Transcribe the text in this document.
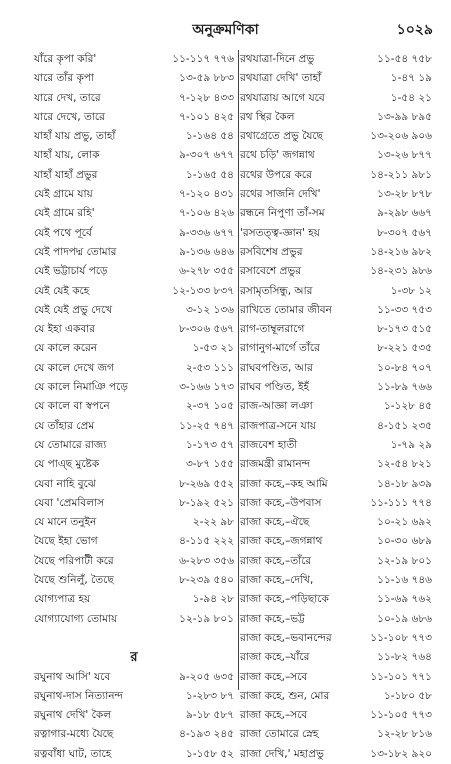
অনুক্রমণিকা	১০২৯
যাঁরে কৃপা করি'	১১-১১৭ ৭৭৬
যারে তাঁর কৃপা	১৩-৫৯ ৮৮৩
যারে দেখ, তারে	৭-১২৮ ৪৩৩
যারে দেখে, তারে	৭-১০১ ৪২৫
যাহাঁ যায় প্রভু, তাহাঁ	১-১৬৪ ৫৪
যাহাঁ যায়, লোক	৯-৩০৭ ৬৭৭
যাহাঁ যাহাঁ প্রভুর	১-১৬৫ ৫৪
যেই গ্রামে যায়	৭-১২০ ৪৩১
যেই গ্রামে রহি'	৭-১০৬ ৪২৬
যেই পথে পূর্বে	৯-৩৩৬ ৬৭৭
যেই পাদপদ্ম তোমার	৯-১৩৬ ৬৪৬
যেই ভট্টাচার্য পড়ে	৬-২৭৮ ৩৫৫
যেই যেই কহে	১২-১৩৩ ৮৩৭
যেই যেই প্রভু দেখে	৩-১২ ১৩৬
যে ইহা একবার	৮-৩০৬ ৫৬৭
যে কালে করেন	১-৫৩ ২১
যে কালে দেখে জগ	২-৫৩ ১১১
যে কালে নিমাঞি পড়ে	৩-১৬৬ ১৭৩
যে কালে বা স্বপনে	২-৩৭ ১০৫
যে তাঁহার প্রেম	১১-২৫ ৭৪৭
যে তোমারে রাজ্য	১-১৭৩ ৫৭
যে পাএ্ছ মুষ্টেক	৩-৮৭ ১৫৫
যেবা নাহি বুঝে	৮-২৬৯ ৫৫২
যেবা 'প্রেমবিলাস	৮-১৯২ ৫২১
যে মানে তনুইন	২-২২ ৯৮
যৈছে ইহা ভোগ	৪-১১৫ ২২২
যৈছে পরিপাটী করে	৬-২৮৩ ৩৫৬
যৈছে শুনিলুঁ, তৈছে	৮-২৩৯ ৫৪০
যোগ্যপাত্র হয়	১-৯৪ ২৮
যোগ্যাযোগ্য তোমায়	১২-১৯ ৮০১
র
রঘুনাথ আসি' যবে	৯-২০৫ ৬৩৫
রঘুনাথ-দাস নিত্যানন্দ	১-২৮৩ ৮৭
রঘুনাথ দেখি' কৈল	৯-১৮ ৫৮৭
রত্নাগার-মধ্যে যৈছে	৪-১৯৩ ২৪৫
রত্নবাঁধা ঘাট, তাহে	১-১৫৮ ৫২
রথযাত্রা-দিনে প্রভু	১১-৫৪ ৭৫৮
রথযাত্রা দেখি' তাহাঁ	১-৪৭ ১৯
রথযাত্রায় আগে যবে	১-৫৪ ২১
রথ স্থির কৈল	১৩-৯৯ ৮৯৫
রথাগ্রেতে প্রভু যৈছে	১৩-২০৬ ৯০৬
রথে চড়ি' জগন্নাথ	১৩-২৬ ৮৭৭
রথের উপরে করে	১৪-২১১ ৯৮১
রথের সাজনি দেখি'	১৩-২৮ ৮৭৮
রন্ধনে নিপুণা তাঁ-সম	৯-২৯৮ ৬৬৭
'রসতত্ত্ব-জ্ঞান' হয়	৮-৩০৭ ৫৬৭
রসবিশেষ প্রভুর	১৪-২১৬ ৯৮২
রসাবেশে প্রভুর	১৪-২৩১ ৯৮৬
রসামৃতসিন্ধু, আর	১-৩৮ ১২
রাখিতে তোমার জীবন	১১-৩৩ ৭৫৩
রাগ-তাম্বূলরাগে	৮-১৭৩ ৫১৫
রাগানুগ-মার্গে তাঁরে	৮-২২১ ৫৩৫
রাঘবপণ্ডিত, আর	১০-৮৪ ৭০৭
রাঘব পণ্ডিত, ইহঁ	১১-৮৯ ৭৬৬
রাজ-আজ্ঞা লঞা	১-১২৮ ৪৫
রাজপাত্র-সনে যায়	৪-১৫১ ২৩৫
রাজবেশ হাতী	১-৭৯ ২৯
রাজমন্ত্রী রামানন্দ	১২-৫৪ ৮২১
রাজা কহে,–কহ আমি	১৪-১৮ ৯৩৯
রাজা কহে,–উপবাস	১১-১১১ ৭৭৪
রাজা কহে,–ঐছে	১০-২১ ৬৯২
রাজা কহে,–জগন্নাথ	১০-৩০ ৬৮৯
রাজা কহে,–তাঁরে	১২-১৯ ৮০১
রাজা কহে,–দেখি,	১১-১৬ ৭৪৬
রাজা কহে,–পড়িছাকে	১১-৬৯ ৭৬২
রাজা কহে,–ভট্ট	১০-১৯ ৬৮৬
রাজা কহে,–ভবানন্দের	১১-১০৮ ৭৭৩
রাজা কহে,–যাঁরে	১১-৮২ ৭৬৪
রাজা কহে,–সবে	১১-১০১ ৭৭১
রাজা কহে, শুন, মোর	১-১৮০ ৫৮
রাজা কহে,–সবে	১১-১০৫ ৭৭৩
রাজা তোমারে স্নেহ	১২-২৮ ৮১৬
রাজা দেখি,' মহাপ্রভু	১৩-১৮২ ৯২০
